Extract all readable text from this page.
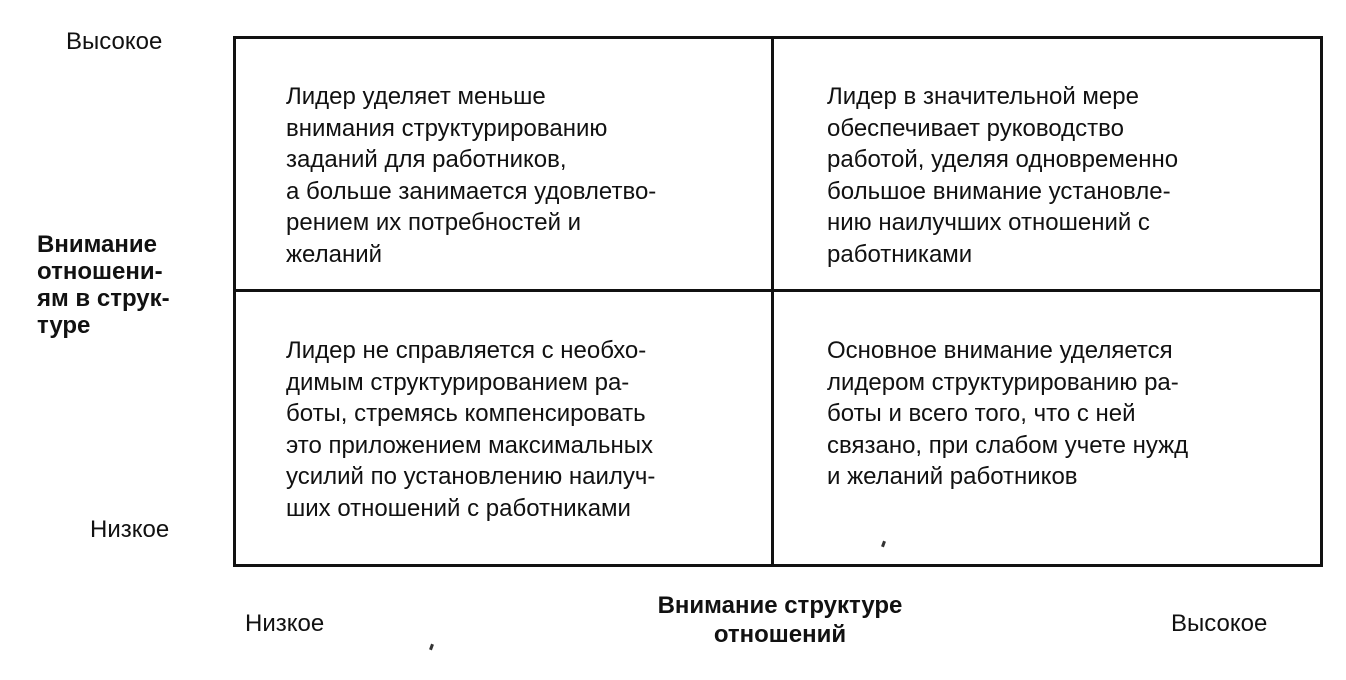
Высокое
Внимание
отношени-
ям в струк-
туре
Низкое
Лидер уделяет меньше
внимания структурированию
заданий для работников,
а больше занимается удовлетво-
рением их потребностей и
желаний
Лидер в значительной мере
обеспечивает руководство
работой, уделяя одновременно
большое внимание установле-
нию наилучших отношений с
работниками
Лидер не справляется с необхо-
димым структурированием ра-
боты, стремясь компенсировать
это приложением максимальных
усилий по установлению наилуч-
ших отношений с работниками
Основное внимание уделяется
лидером структурированию ра-
боты и всего того, что с ней
связано, при слабом учете нужд
и желаний работников
Низкое
Внимание структуре
отношений	Высокое
